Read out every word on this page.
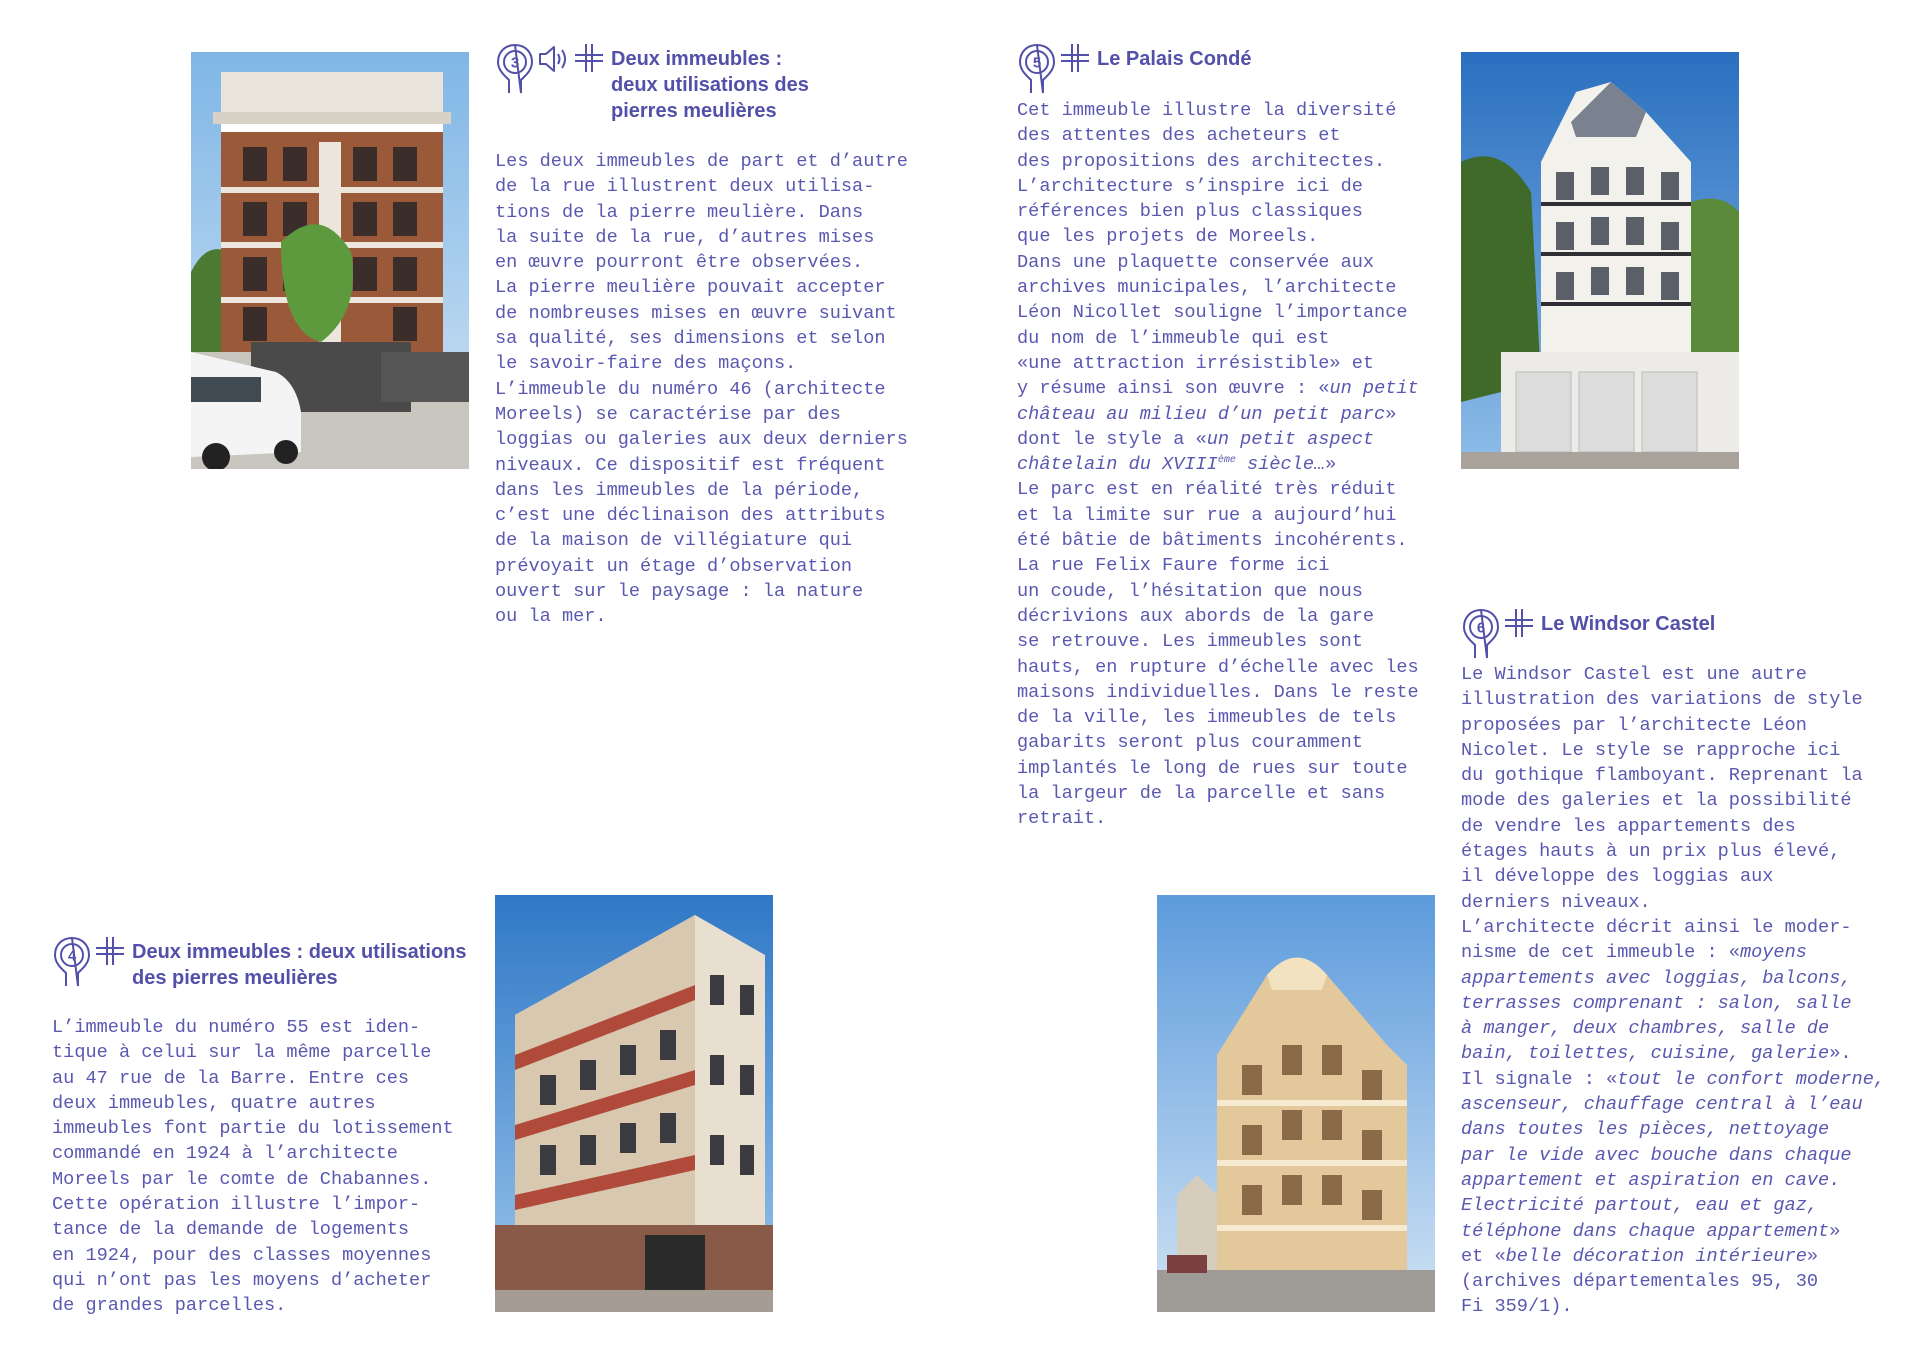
3	Deux immeubles :
deux utilisations des
pierres meulières
4	Deux immeubles : deux utilisations
des pierres meulières
5	Le Palais Condé
6	Le Windsor Castel
Les deux immeubles de part et d’autre
de la rue illustrent deux utilisa-
tions de la pierre meulière. Dans
la suite de la rue, d’autres mises
en œuvre pourront être observées.
La pierre meulière pouvait accepter
de nombreuses mises en œuvre suivant
sa qualité, ses dimensions et selon
le savoir-faire des maçons.
L’immeuble du numéro 46 (architecte
Moreels) se caractérise par des
loggias ou galeries aux deux derniers
niveaux. Ce dispositif est fréquent
dans les immeubles de la période,
c’est une déclinaison des attributs
de la maison de villégiature qui
prévoyait un étage d’observation
ouvert sur le paysage : la nature
ou la mer.
L’immeuble du numéro 55 est iden-
tique à celui sur la même parcelle
au 47 rue de la Barre. Entre ces
deux immeubles, quatre autres
immeubles font partie du lotissement
commandé en 1924 à l’architecte
Moreels par le comte de Chabannes.
Cette opération illustre l’impor-
tance de la demande de logements
en 1924, pour des classes moyennes
qui n’ont pas les moyens d’acheter
de grandes parcelles.
Cet immeuble illustre la diversité
des attentes des acheteurs et
des propositions des architectes.
L’architecture s’inspire ici de
références bien plus classiques
que les projets de Moreels.
Dans une plaquette conservée aux
archives municipales, l’architecte
Léon Nicollet souligne l’importance
du nom de l’immeuble qui est
«une attraction irrésistible» et
y résume ainsi son œuvre : «un petit
château au milieu d’un petit parc»
dont le style a «un petit aspect
châtelain du XVIIIème siècle…»
Le parc est en réalité très réduit
et la limite sur rue a aujourd’hui
été bâtie de bâtiments incohérents.
La rue Felix Faure forme ici
un coude, l’hésitation que nous
décrivions aux abords de la gare
se retrouve. Les immeubles sont
hauts, en rupture d’échelle avec les
maisons individuelles. Dans le reste
de la ville, les immeubles de tels
gabarits seront plus couramment
implantés le long de rues sur toute
la largeur de la parcelle et sans
retrait.
Le Windsor Castel est une autre
illustration des variations de style
proposées par l’architecte Léon
Nicolet. Le style se rapproche ici
du gothique flamboyant. Reprenant la
mode des galeries et la possibilité
de vendre les appartements des
étages hauts à un prix plus élevé,
il développe des loggias aux
derniers niveaux.
L’architecte décrit ainsi le moder-
nisme de cet immeuble : «moyens
appartements avec loggias, balcons,
terrasses comprenant : salon, salle
à manger, deux chambres, salle de
bain, toilettes, cuisine, galerie».
Il signale : «tout le confort moderne,
ascenseur, chauffage central à l’eau
dans toutes les pièces, nettoyage
par le vide avec bouche dans chaque
appartement et aspiration en cave.
Electricité partout, eau et gaz,
téléphone dans chaque appartement»
et «belle décoration intérieure»
(archives départementales 95, 30
Fi 359/1).
